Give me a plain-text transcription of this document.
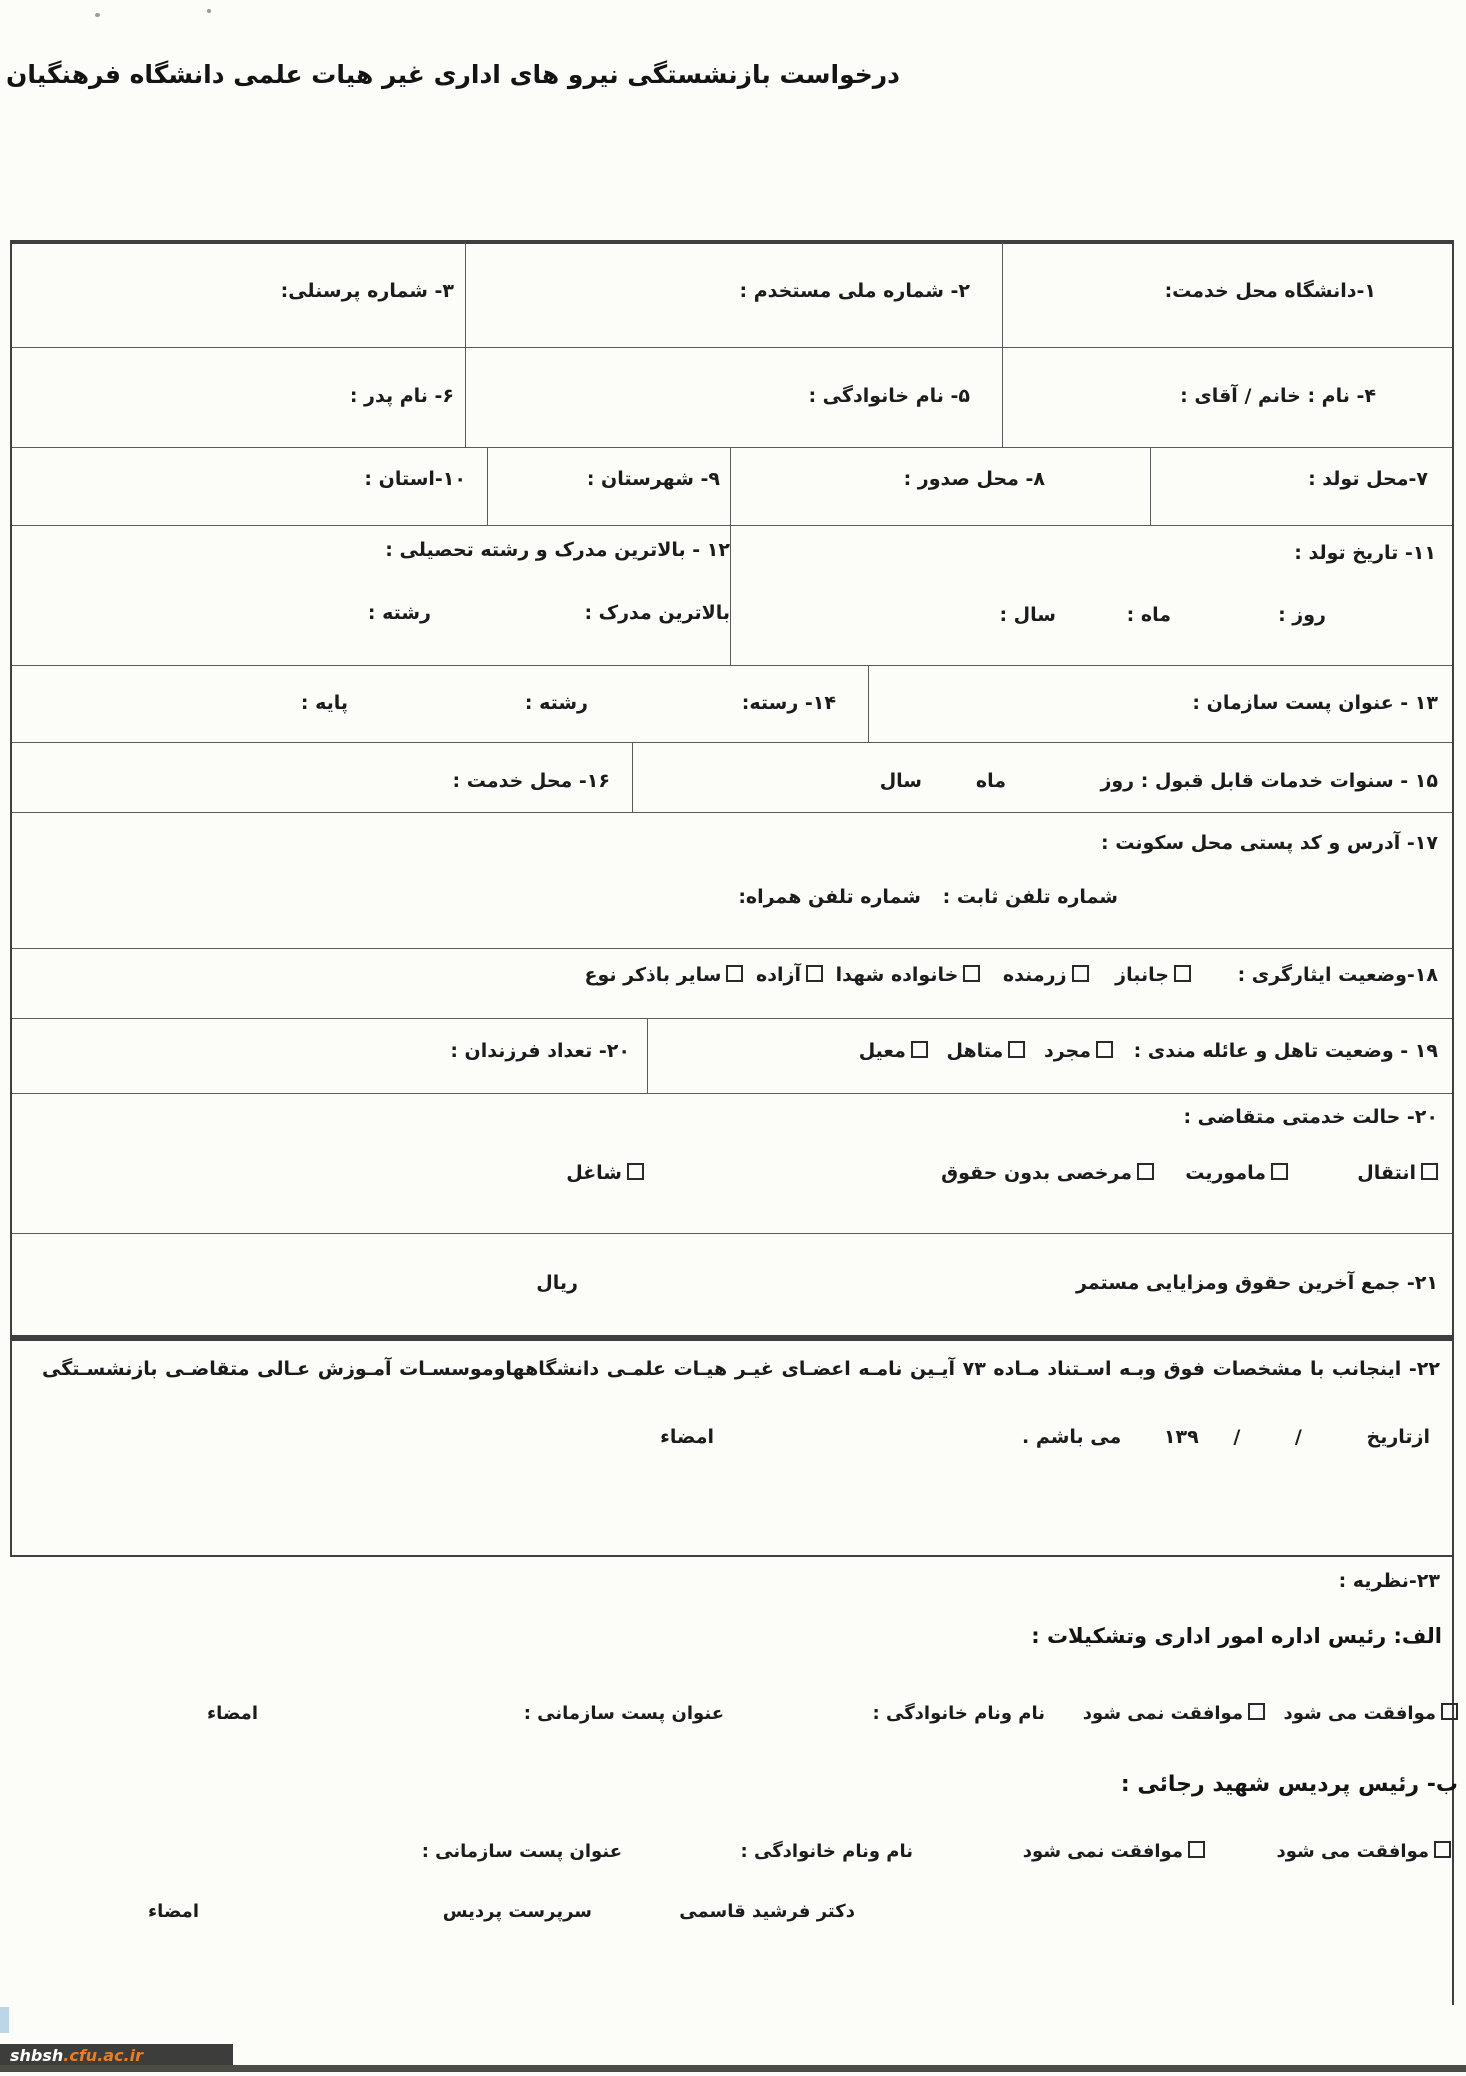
درخواست بازنشستگی نیرو های اداری غیر هیات علمی دانشگاه فرهنگیان
۱-دانشگاه محل خدمت:
۲- شماره ملی مستخدم :
۳- شماره پرسنلی:
۴- نام : خانم / آقای :
۵- نام خانوادگی :
۶- نام پدر :
۷-محل تولد :
۸- محل صدور :
۹- شهرستان :
۱۰-استان :
۱۱- تاریخ تولد :
روز :
ماه :
سال :
۱۲ - بالاترین مدرک و رشته تحصیلی :
بالاترین مدرک :
رشته :
۱۳ - عنوان پست سازمان :
۱۴- رسته:
رشته :
پایه :
۱۵ - سنوات خدمات قابل قبول : روز
ماه
سال
۱۶- محل خدمت :
۱۷- آدرس و کد پستی محل سکونت :
شماره تلفن ثابت :
شماره تلفن همراه:
۱۸-وضعیت ایثارگری : جانباز زرمنده خانواده شهدا آزاده سایر باذکر نوع
۱۹ - وضعیت تاهل و عائله مندی : مجرد متاهل معیل
۲۰- تعداد فرزندان :
۲۰- حالت خدمتی متقاضی :
انتقال
ماموریت
مرخصی بدون حقوق
شاغل
۲۱- جمع آخرین حقوق ومزایایی مستمر
ریال
۲۲- اینجانب با مشخصات فوق وبـه اسـتناد مـاده ۷۳ آیـین نامـه اعضـای غیـر هیـات علمـی دانشگاههاوموسسـات آمـوزش عـالی متقاضـی بازنشسـتگی
ازتاریخ / / ۱۳۹ می باشم .
امضاء
۲۳-نظریه :
الف: رئیس اداره امور اداری وتشکیلات :
موافقت می شود
موافقت نمی شود
نام ونام خانوادگی :
عنوان پست سازمانی :
امضاء
ب- رئیس پردیس شهید رجائی :
موافقت می شود
موافقت نمی شود
نام ونام خانوادگی :
عنوان پست سازمانی :
دکتر فرشید قاسمی
سرپرست پردیس
امضاء
shbsh.cfu.ac.ir
